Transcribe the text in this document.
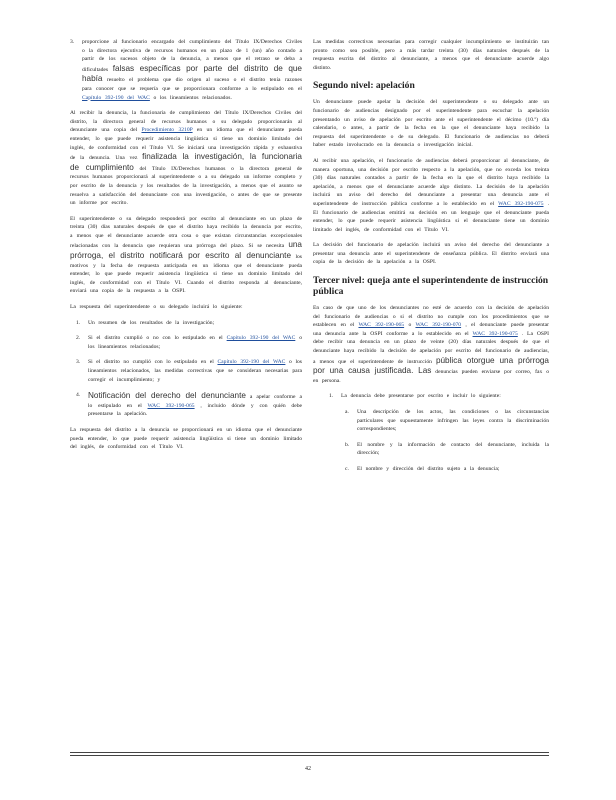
3. proporcione al funcionario encargado del cumplimiento del Título IX/Derechos Civiles o la directora ejecutiva de recursos humanos en un plazo de 1 (un) año contado a partir de los sucesos objeto de la denuncia, a menos que el retraso se deba a dificultades falsas específicas por parte del distrito de que había resuelto el problema que dio origen al suceso o el distrito tenía razones para conocer que se requería que se proporcionara conforme a lo estipulado en el Capítulo 392-190 del WAC o los lineamientos relacionados.

Al recibir la denuncia, la funcionaria de cumplimiento del Título IX/Derechos Civiles del distrito, la directora general de recursos humanos o su delegado proporcionarán al denunciante una copia del Procedimiento 3210P en un idioma que el denunciante pueda entender, lo que puede requerir asistencia lingüística si tiene un dominio limitado del inglés, de conformidad con el Título VI. Se iniciará una investigación rápida y exhaustiva de la denuncia. Una vez finalizada la investigación, la funcionaria de cumplimiento del Título IX/Derechos humanos o la directora general de recursos humanos proporcionará al superintendente o a su delegado un informe completo y por escrito de la denuncia y los resultados de la investigación, a menos que el asunto se resuelva a satisfacción del denunciante con una investigación, o antes de que se presente un informe por escrito.

El superintendente o su delegado responderá por escrito al denunciante en un plazo de treinta (30) días naturales después de que el distrito haya recibido la denuncia por escrito, a menos que el denunciante acuerde otra cosa o que existan circunstancias excepcionales relacionadas con la denuncia que requieran una prórroga del plazo. Si se necesita una prórroga, el distrito notificará por escrito al denunciante los motivos y la fecha de respuesta anticipada en un idioma que el denunciante pueda entender, lo que puede requerir asistencia lingüística si tiene un dominio limitado del inglés, de conformidad con el Título VI. Cuando el distrito responda al denunciante, enviará una copia de la respuesta a la OSPI.

La respuesta del superintendente o su delegado incluirá lo siguiente:

1. Un resumen de los resultados de la investigación;
2. Si el distrito cumplió o no con lo estipulado en el Capítulo 392-190 del WAC o los lineamientos relacionados;
3. Si el distrito no cumplió con lo estipulado en el Capítulo 392-190 del WAC o los lineamientos relacionados, las medidas correctivas que se consideran necesarias para corregir el incumplimiento; y
4. Notificación del derecho del denunciante a apelar conforme a lo estipulado en el WAC 392-190-065 , incluido dónde y con quién debe presentarse la apelación.

La respuesta del distrito a la denuncia se proporcionará en un idioma que el denunciante pueda entender, lo que puede requerir asistencia lingüística si tiene un dominio limitado del inglés, de conformidad con el Título VI.

Las medidas correctivas necesarias para corregir cualquier incumplimiento se instituirán tan pronto como sea posible, pero a más tardar treinta (30) días naturales después de la respuesta escrita del distrito al denunciante, a menos que el denunciante acuerde algo distinto.

Segundo nivel: apelación

Un denunciante puede apelar la decisión del superintendente o su delegado ante un funcionario de audiencias designado por el superintendente para escuchar la apelación presentando un aviso de apelación por escrito ante el superintendente el décimo (10.º) día calendario, o antes, a partir de la fecha en la que el denunciante haya recibido la respuesta del superintendente o de su delegado. El funcionario de audiencias no deberá haber estado involucrado en la denuncia o investigación inicial.

Al recibir una apelación, el funcionario de audiencias deberá proporcionar al denunciante, de manera oportuna, una decisión por escrito respecto a la apelación, que no exceda los treinta (30) días naturales contados a partir de la fecha en la que el distrito haya recibido la apelación, a menos que el denunciante acuerde algo distinto. La decisión de la apelación incluirá un aviso del derecho del denunciante a presentar una denuncia ante el superintendente de instrucción pública conforme a lo establecido en el WAC 392-190-075 . El funcionario de audiencias emitirá su decisión en un lenguaje que el denunciante pueda entender, lo que puede requerir asistencia lingüística si el denunciante tiene un dominio limitado del inglés, de conformidad con el Título VI.

La decisión del funcionario de apelación incluirá un aviso del derecho del denunciante a presentar una denuncia ante el superintendente de enseñanza pública. El distrito enviará una copia de la decisión de la apelación a la OSPI.

Tercer nivel: queja ante el superintendente de instrucción pública

En caso de que uno de los denunciantes no esté de acuerdo con la decisión de apelación del funcionario de audiencias o si el distrito no cumple con los procedimientos que se establecen en el WAC 392-190-065 o WAC 392-190-070 , el denunciante puede presentar una denuncia ante la OSPI conforme a lo establecido en el WAC 392-190-075 . La OSPI debe recibir una denuncia en un plazo de veinte (20) días naturales después de que el denunciante haya recibido la decisión de apelación por escrito del funcionario de audiencias, a menos que el superintendente de instrucción pública otorgue una prórroga por una causa justificada. Las denuncias pueden enviarse por correo, fax o en persona.

1. La denuncia debe presentarse por escrito e incluir lo siguiente:
a. Una descripción de los actos, las condiciones o las circunstancias particulares que supuestamente infringen las leyes contra la discriminación correspondientes;
b. El nombre y la información de contacto del denunciante, incluida la dirección;
c. El nombre y dirección del distrito sujeto a la denuncia;
42
